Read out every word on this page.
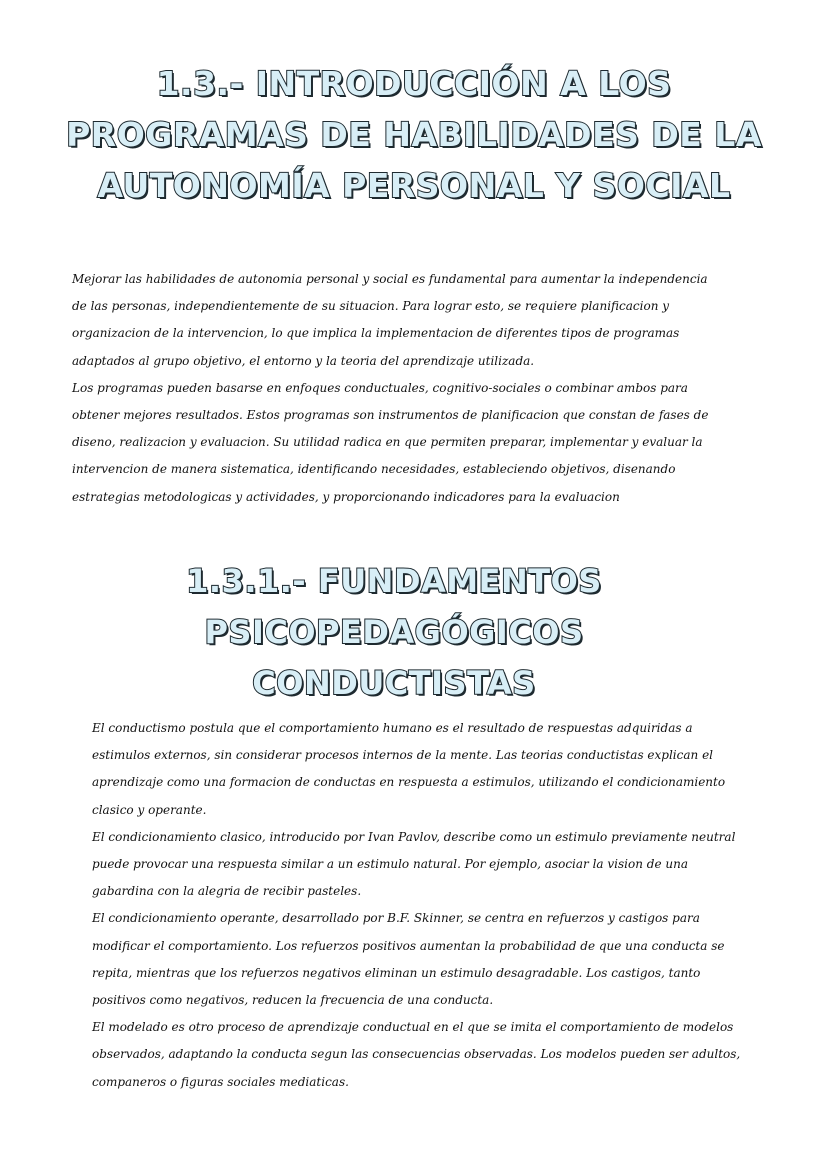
1.3.- INTRODUCCIÓN A LOS
PROGRAMAS DE HABILIDADES DE LA
AUTONOMÍA PERSONAL Y SOCIAL
Mejorar las habilidades de autonomia personal y social es fundamental para aumentar la independencia
de las personas, independientemente de su situacion. Para lograr esto, se requiere planificacion y
organizacion de la intervencion, lo que implica la implementacion de diferentes tipos de programas
adaptados al grupo objetivo, el entorno y la teoria del aprendizaje utilizada.
Los programas pueden basarse en enfoques conductuales, cognitivo-sociales o combinar ambos para
obtener mejores resultados. Estos programas son instrumentos de planificacion que constan de fases de
diseno, realizacion y evaluacion. Su utilidad radica en que permiten preparar, implementar y evaluar la
intervencion de manera sistematica, identificando necesidades, estableciendo objetivos, disenando
estrategias metodologicas y actividades, y proporcionando indicadores para la evaluacion
1.3.1.- FUNDAMENTOS
PSICOPEDAGÓGICOS
CONDUCTISTAS
El conductismo postula que el comportamiento humano es el resultado de respuestas adquiridas a
estimulos externos, sin considerar procesos internos de la mente. Las teorias conductistas explican el
aprendizaje como una formacion de conductas en respuesta a estimulos, utilizando el condicionamiento
clasico y operante.
El condicionamiento clasico, introducido por Ivan Pavlov, describe como un estimulo previamente neutral
puede provocar una respuesta similar a un estimulo natural. Por ejemplo, asociar la vision de una
gabardina con la alegria de recibir pasteles.
El condicionamiento operante, desarrollado por B.F. Skinner, se centra en refuerzos y castigos para
modificar el comportamiento. Los refuerzos positivos aumentan la probabilidad de que una conducta se
repita, mientras que los refuerzos negativos eliminan un estimulo desagradable. Los castigos, tanto
positivos como negativos, reducen la frecuencia de una conducta.
El modelado es otro proceso de aprendizaje conductual en el que se imita el comportamiento de modelos
observados, adaptando la conducta segun las consecuencias observadas. Los modelos pueden ser adultos,
companeros o figuras sociales mediaticas.
